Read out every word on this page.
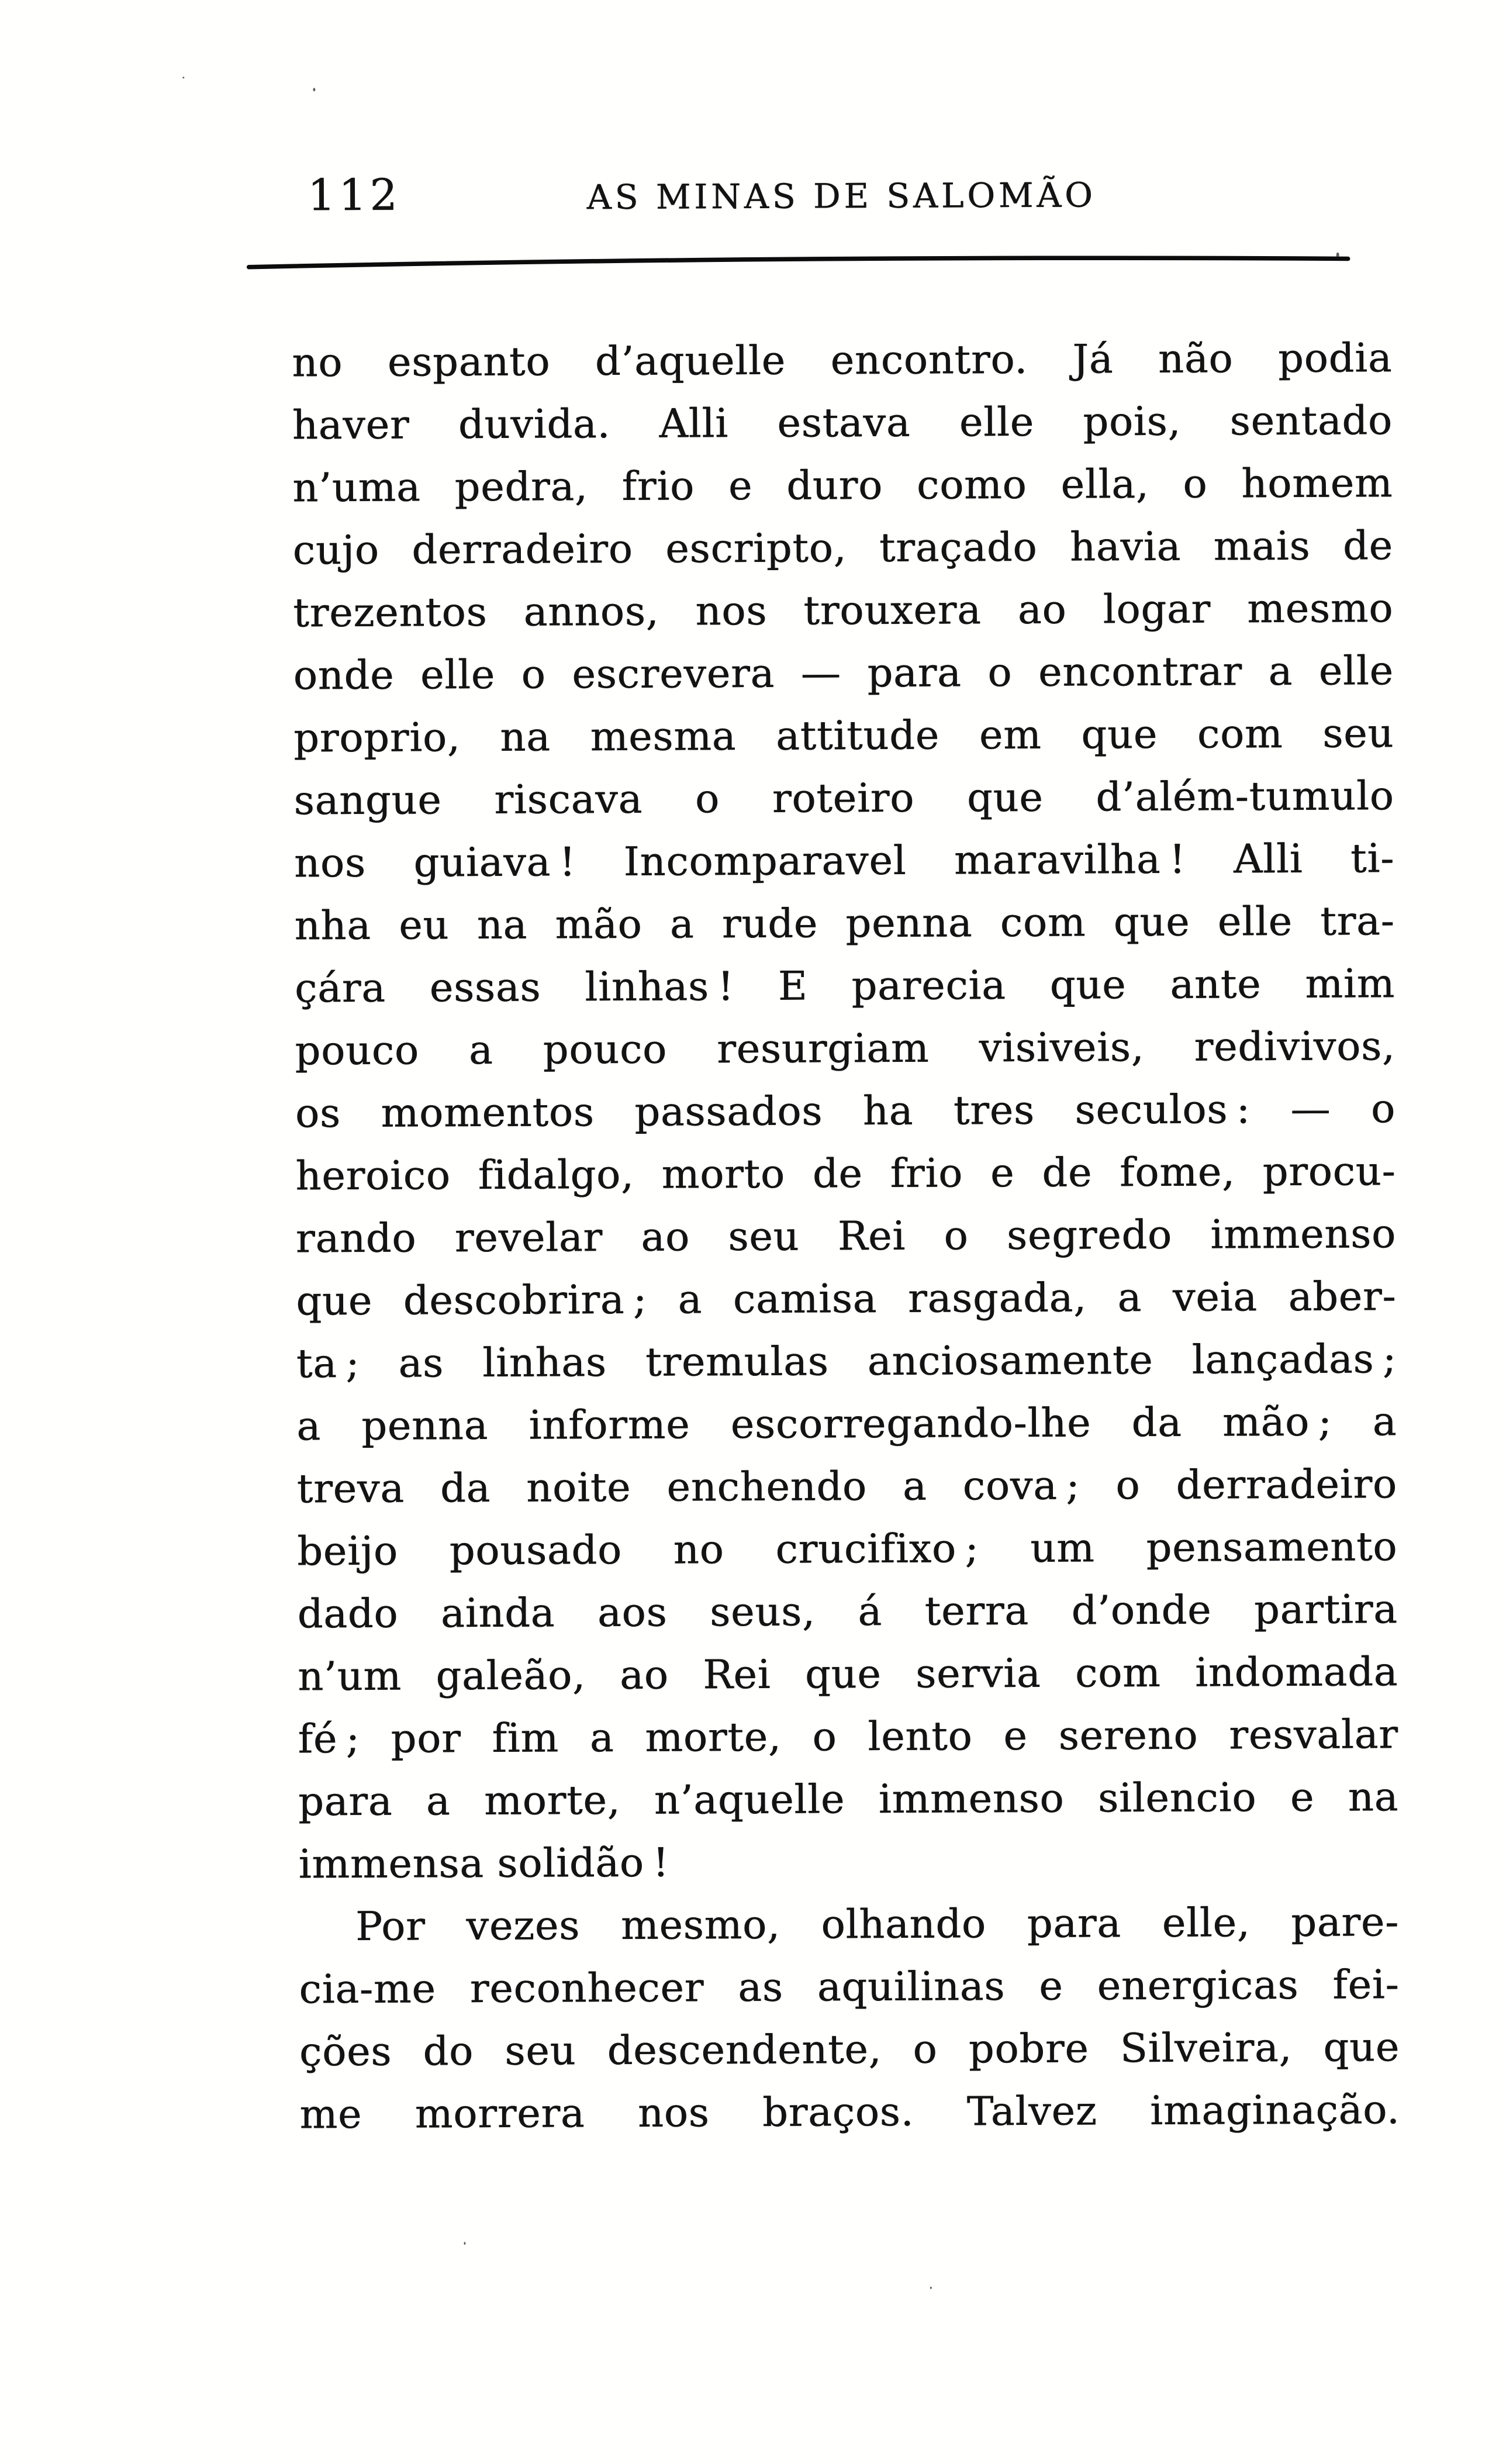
112	AS MINAS DE SALOMÃO
no espanto d’aquelle encontro. Já não podia
haver duvida. Alli estava elle pois, sentado
n’uma pedra, frio e duro como ella, o homem
cujo derradeiro escripto, traçado havia mais de
trezentos annos, nos trouxera ao logar mesmo
onde elle o escrevera — para o encontrar a elle
proprio, na mesma attitude em que com seu
sangue riscava o roteiro que d’além-tumulo
nos guiava ! Incomparavel maravilha ! Alli ti-
nha eu na mão a rude penna com que elle tra-
çára essas linhas ! E parecia que ante mim
pouco a pouco resurgiam visiveis, redivivos,
os momentos passados ha tres seculos : — o
heroico fidalgo, morto de frio e de fome, procu-
rando revelar ao seu Rei o segredo immenso
que descobrira ; a camisa rasgada, a veia aber-
ta ; as linhas tremulas anciosamente lançadas ;
a penna informe escorregando-lhe da mão ; a
treva da noite enchendo a cova ; o derradeiro
beijo pousado no crucifixo ; um pensamento
dado ainda aos seus, á terra d’onde partira
n’um galeão, ao Rei que servia com indomada
fé ; por fim a morte, o lento e sereno resvalar
para a morte, n’aquelle immenso silencio e na
immensa solidão !
Por vezes mesmo, olhando para elle, pare-
cia-me reconhecer as aquilinas e energicas fei-
ções do seu descendente, o pobre Silveira, que
me morrera nos braços. Talvez imaginação.
